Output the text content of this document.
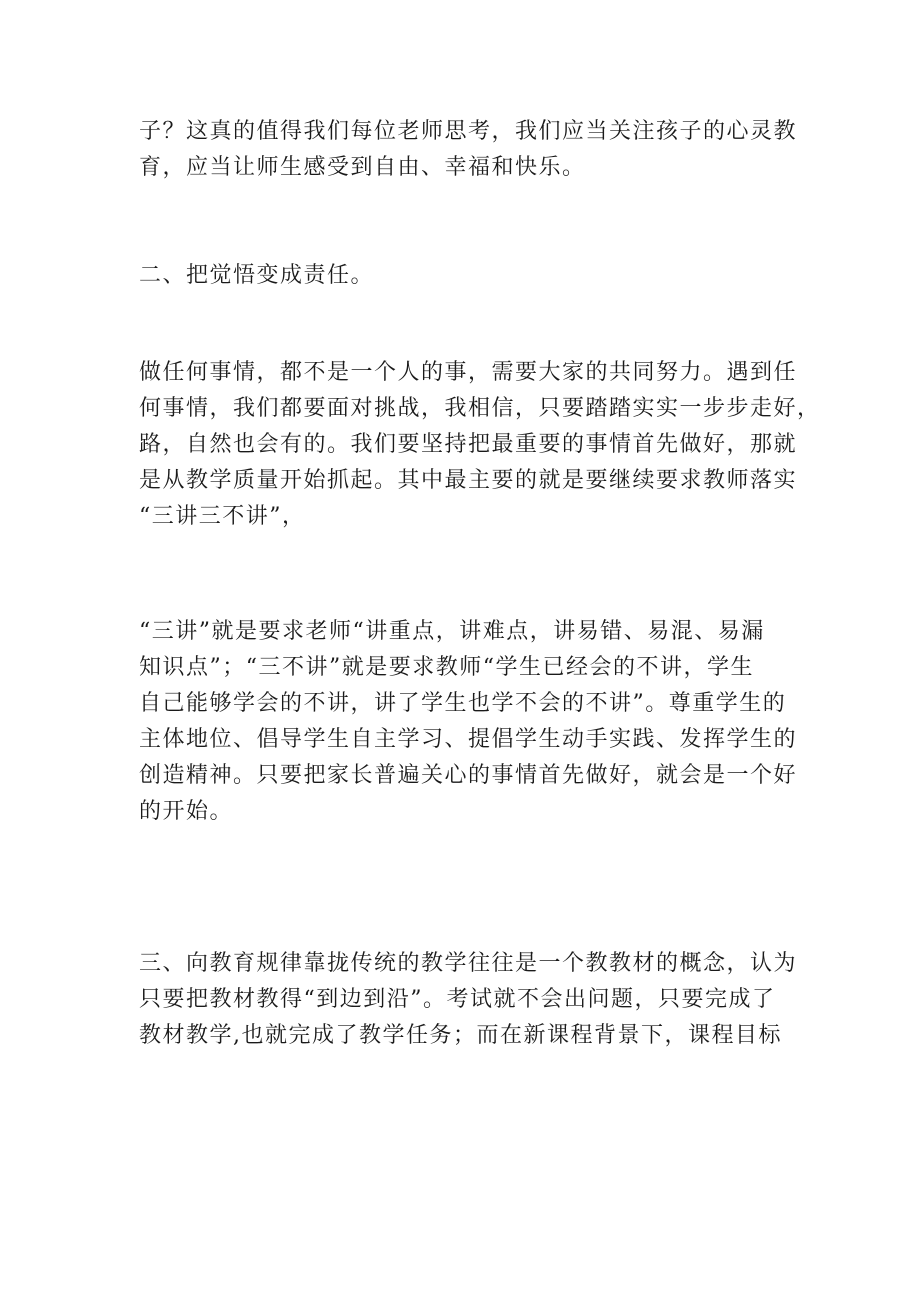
子？这真的值得我们每位老师思考，我们应当关注孩子的心灵教
育，应当让师生感受到自由、幸福和快乐。

二、把觉悟变成责任。

做任何事情，都不是一个人的事，需要大家的共同努力。遇到任
何事情，我们都要面对挑战，我相信，只要踏踏实实一步步走好，
路，自然也会有的。我们要坚持把最重要的事情首先做好，那就
是从教学质量开始抓起。其中最主要的就是要继续要求教师落实
“三讲三不讲”，

“三讲”就是要求老师“讲重点，讲难点，讲易错、易混、易漏
知识点”；“三不讲”就是要求教师“学生已经会的不讲，学生
自己能够学会的不讲，讲了学生也学不会的不讲”。尊重学生的
主体地位、倡导学生自主学习、提倡学生动手实践、发挥学生的
创造精神。只要把家长普遍关心的事情首先做好，就会是一个好
的开始。

三、向教育规律靠拢传统的教学往往是一个教教材的概念，认为
只要把教材教得“到边到沿”。考试就不会出问题，只要完成了
教材教学,也就完成了教学任务；而在新课程背景下，课程目标
